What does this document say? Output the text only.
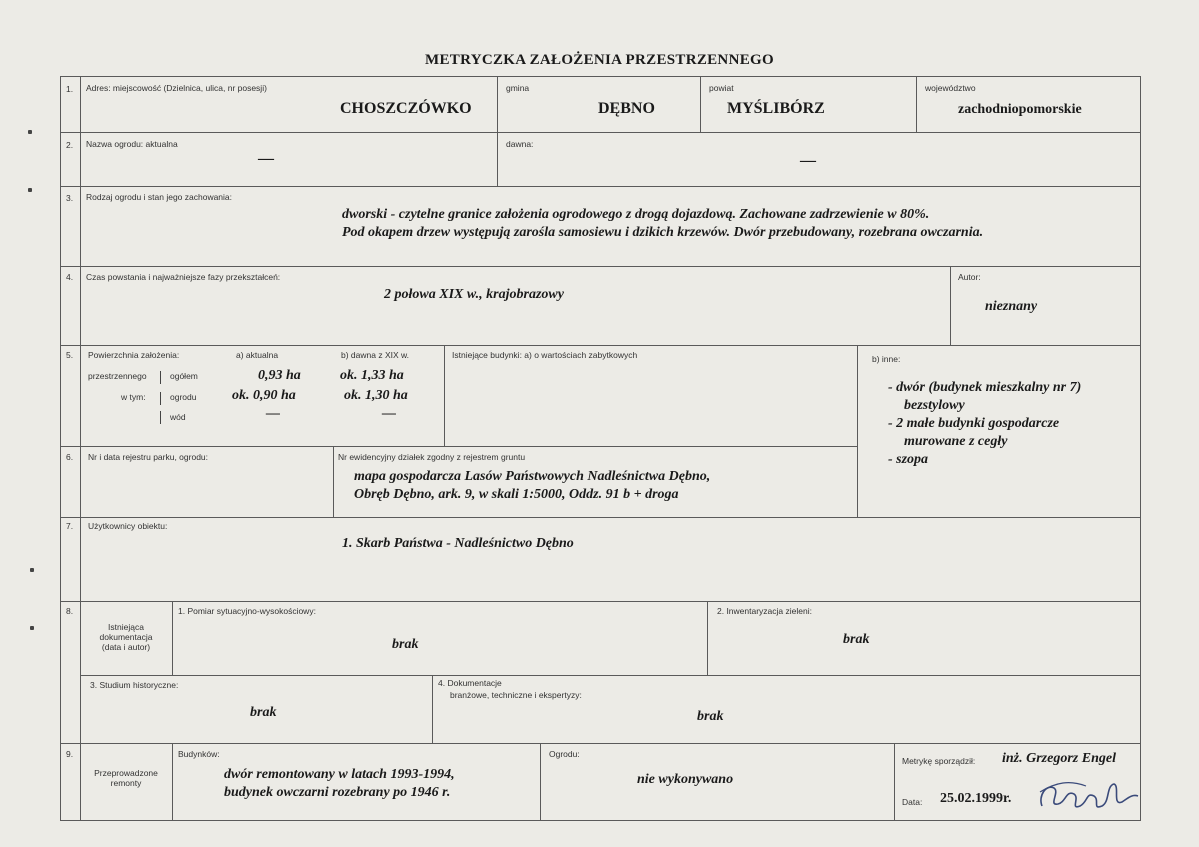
METRYCZKA ZAŁOŻENIA PRZESTRZENNEGO
1. Adres: miejscowość (Dzielnica, ulica, nr posesji)
CHOSZCZÓWKO
gmina
DĘBNO
powiat
MYŚLIBÓRZ
województwo
zachodniopomorskie
2. Nazwa ogrodu: aktualna
—
dawna:
—
3. Rodzaj ogrodu i stan jego zachowania:
dworski - czytelne granice założenia ogrodowego z drogą dojazdową. Zachowane zadrzewienie w 80%.
Pod okapem drzew występują zarośla samosiewu i dzikich krzewów. Dwór przebudowany, rozebrana owczarnia.
4. Czas powstania i najważniejsze fazy przekształceń:
2 połowa XIX w., krajobrazowy
Autor:
nieznany
5. Powierzchnia założenia:	a) aktualna	b) dawna z XIX w.
przestrzennego	ogółem	0,93 ha	ok. 1,33 ha
w tym:	ogrodu	ok. 0,90 ha	ok. 1,30 ha
wód	—	—
Istniejące budynki: a) o wartościach zabytkowych	b) inne:
- dwór (budynek mieszkalny nr 7)
bezstylowy
- 2 małe budynki gospodarcze
murowane z cegły
- szopa
6. Nr i data rejestru parku, ogrodu:	Nr ewidencyjny działek zgodny z rejestrem gruntu
mapa gospodarcza Lasów Państwowych Nadleśnictwa Dębno,
Obręb Dębno, ark. 9, w skali 1:5000, Oddz. 91 b + droga
7. Użytkownicy obiektu:
1. Skarb Państwa - Nadleśnictwo Dębno
8.
Istniejąca
dokumentacja
(data i autor)
1. Pomiar sytuacyjno-wysokościowy:
brak
2. Inwentaryzacja zieleni:
brak
3. Studium historyczne:
brak
4. Dokumentacje
branżowe, techniczne i ekspertyzy:
brak
9.
Przeprowadzone
remonty
Budynków:
dwór remontowany w latach 1993-1994,
budynek owczarni rozebrany po 1946 r.
Ogrodu:
nie wykonywano
Metrykę sporządził: inż. Grzegorz Engel
Data: 25.02.1999r.
